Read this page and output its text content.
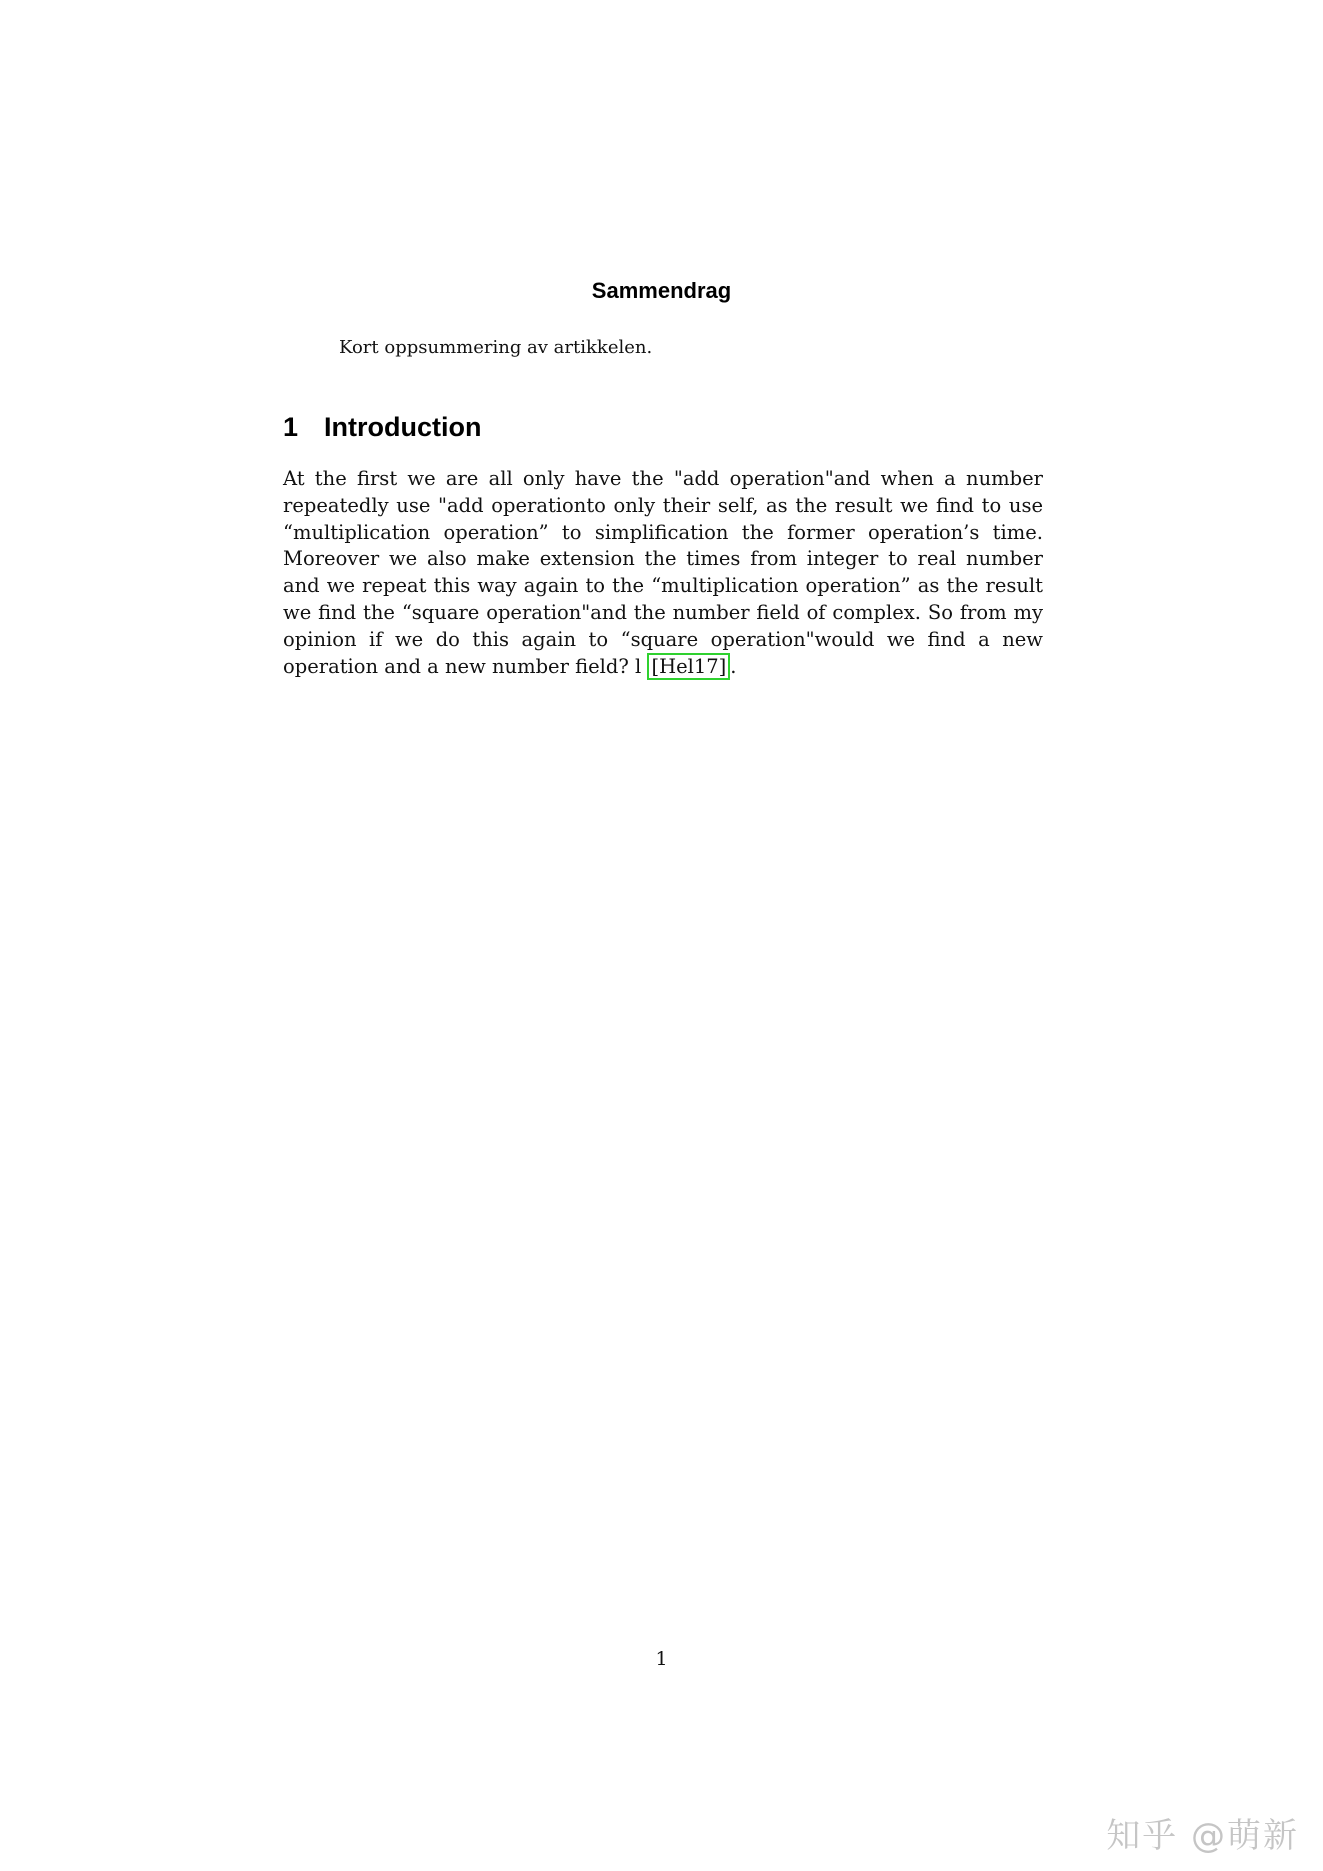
Sammendrag
Kort oppsummering av artikkelen.
1 Introduction

At the first we are all only have the "add operation"and when a number repeatedly use "add operationto only their self, as the result we find to use “multiplication operation” to simplification the former operation’s time. Moreover we also make extension the times from integer to real number and we repeat this way again to the “multiplication operation” as the result we find the “square operation"and the number field of complex. So from my opinion if we do this again to “square operation"would we find a new operation and a new number field? l [Hel17] .

1
知乎 @萌新
